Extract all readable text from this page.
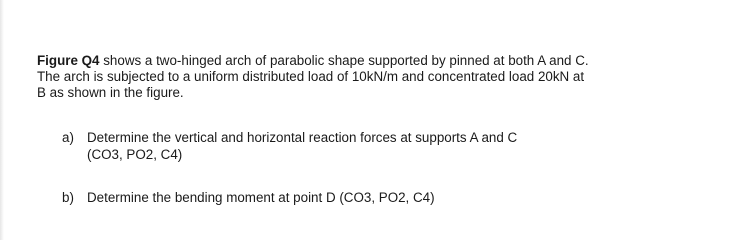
Figure Q4 shows a two-hinged arch of parabolic shape supported by pinned at both A and C.
The arch is subjected to a uniform distributed load of 10kN/m and concentrated load 20kN at
B as shown in the figure.

a) Determine the vertical and horizontal reaction forces at supports A and C
(CO3, PO2, C4)

b) Determine the bending moment at point D (CO3, PO2, C4)
